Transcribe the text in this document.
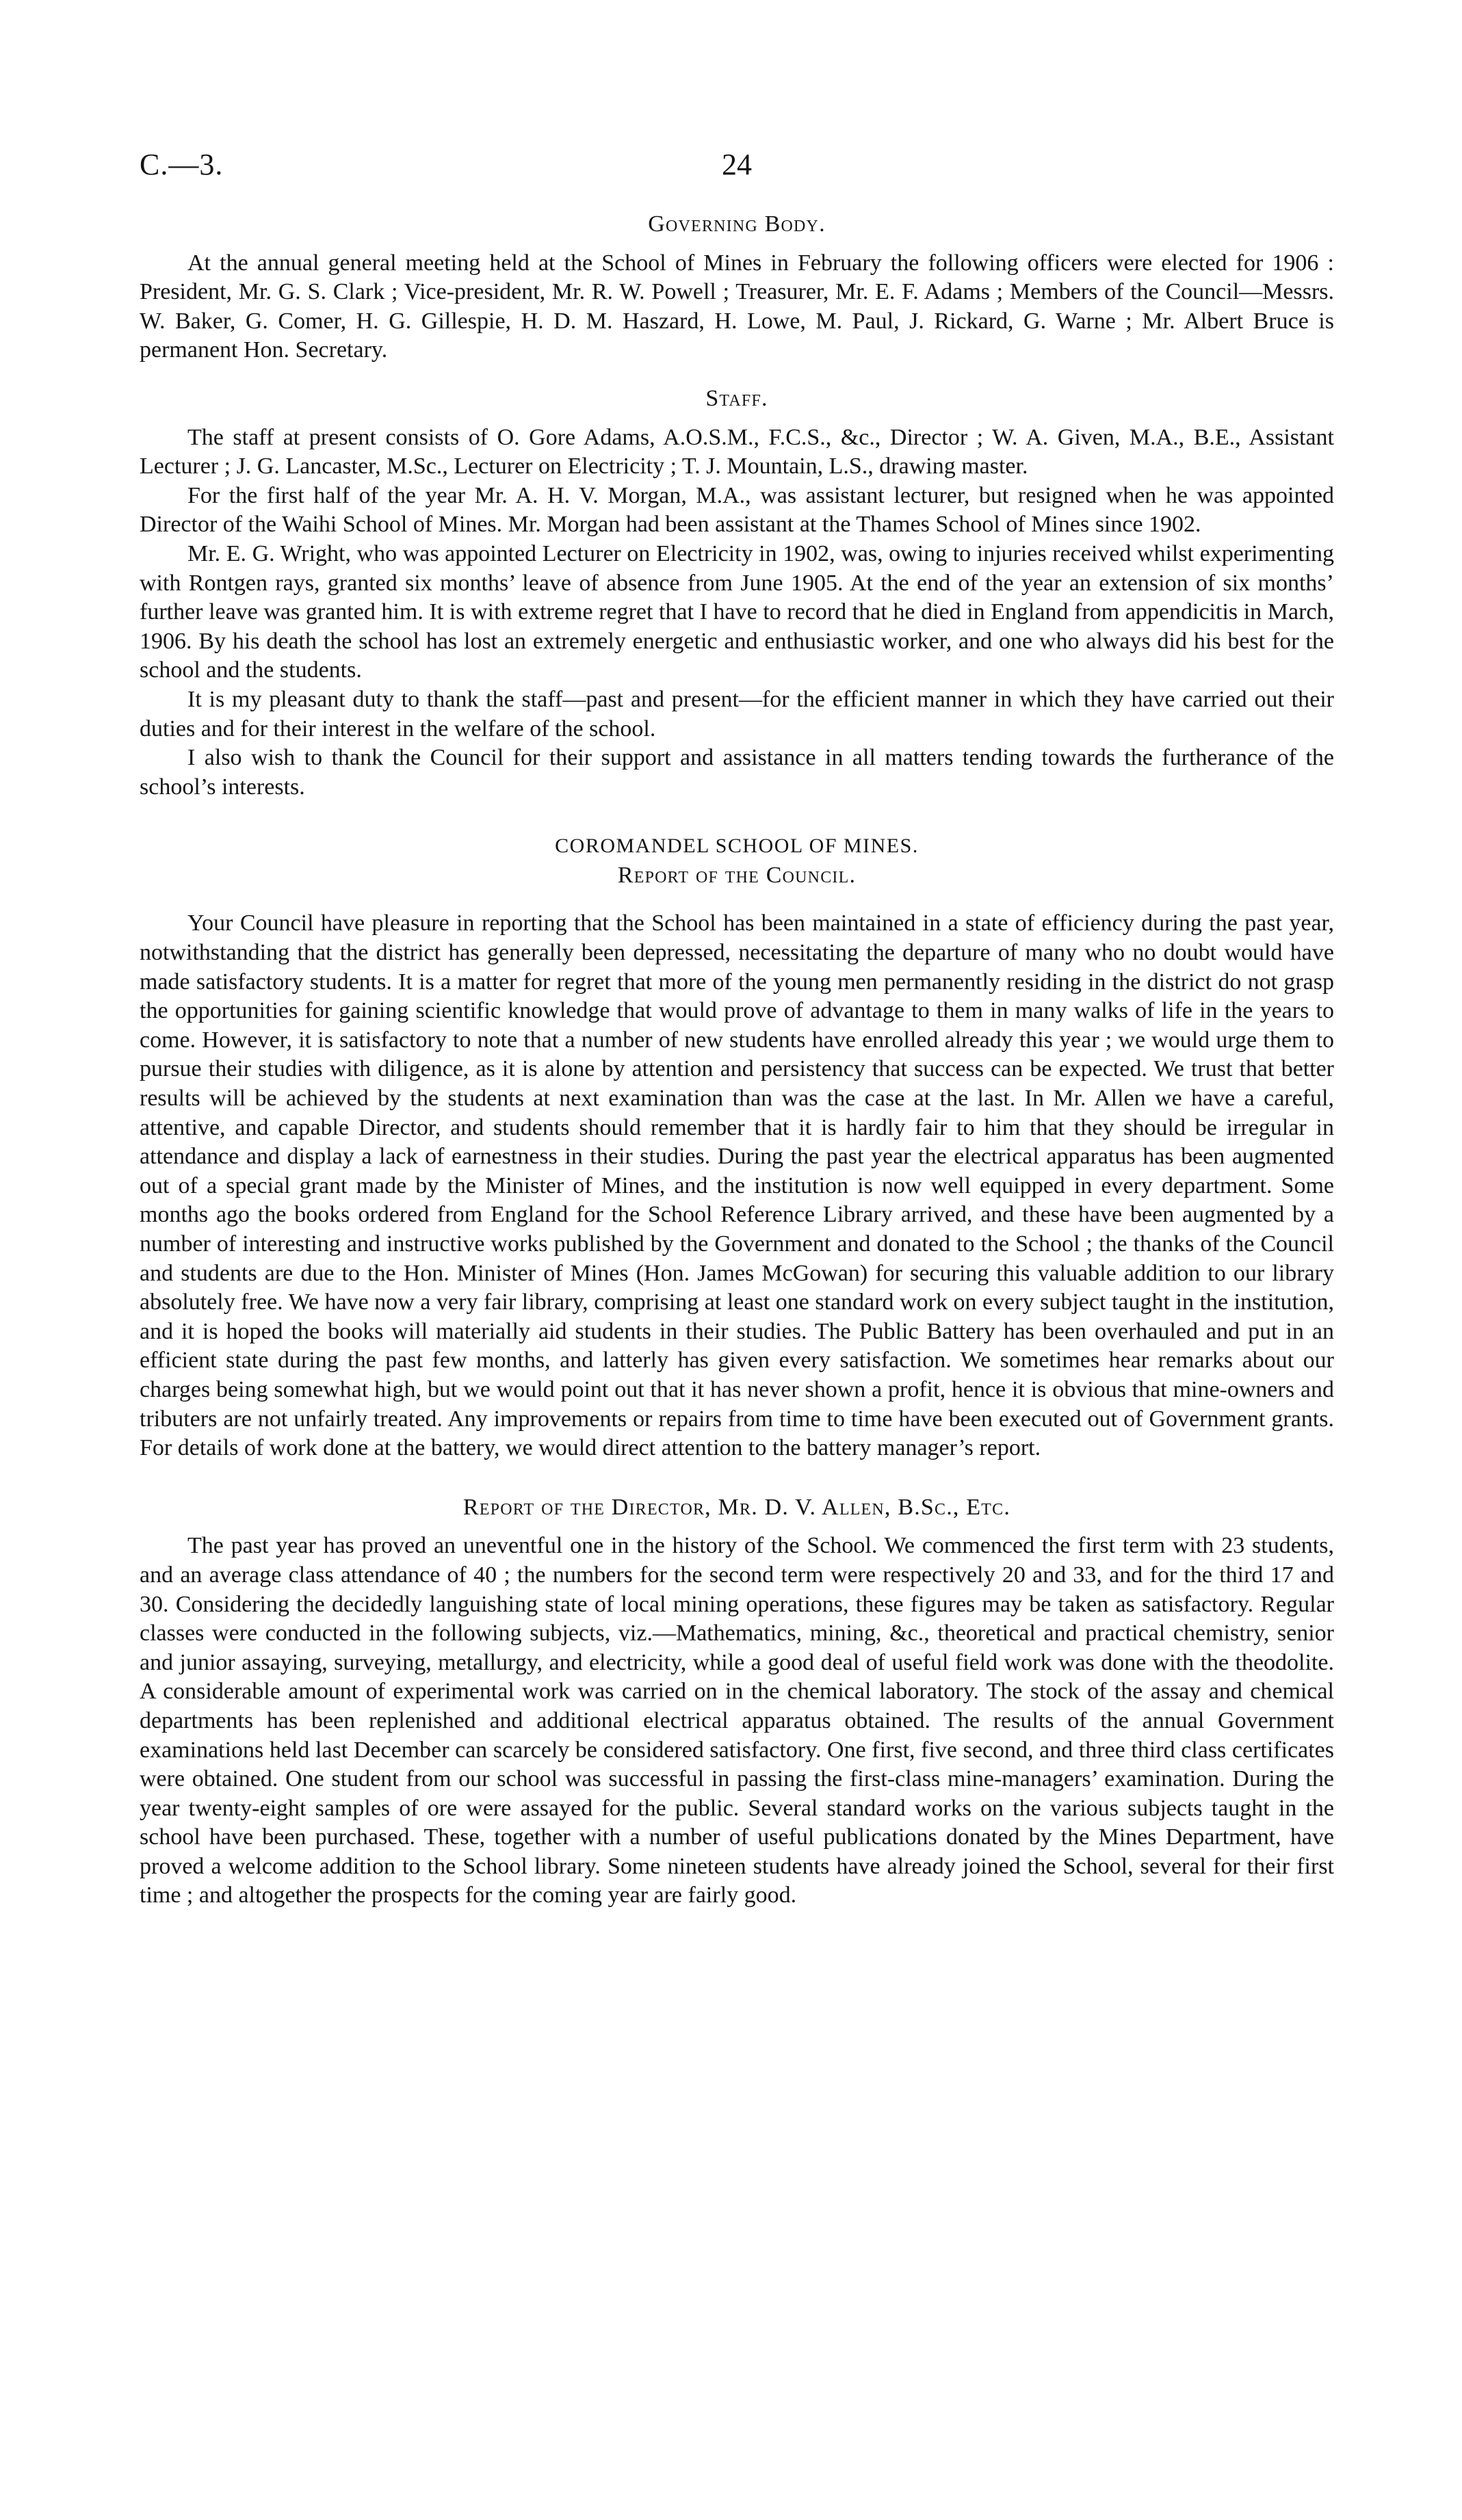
C.—3.	24
Governing Body.

At the annual general meeting held at the School of Mines in February the following officers were elected for 1906 : President, Mr. G. S. Clark ; Vice-president, Mr. R. W. Powell ; Treasurer, Mr. E. F. Adams ; Members of the Council—Messrs. W. Baker, G. Comer, H. G. Gillespie, H. D. M. Haszard, H. Lowe, M. Paul, J. Rickard, G. Warne ; Mr. Albert Bruce is permanent Hon. Secretary.

Staff.

The staff at present consists of O. Gore Adams, A.O.S.M., F.C.S., &c., Director ; W. A. Given, M.A., B.E., Assistant Lecturer ; J. G. Lancaster, M.Sc., Lecturer on Electricity ; T. J. Mountain, L.S., drawing master.

For the first half of the year Mr. A. H. V. Morgan, M.A., was assistant lecturer, but resigned when he was appointed Director of the Waihi School of Mines. Mr. Morgan had been assistant at the Thames School of Mines since 1902.

Mr. E. G. Wright, who was appointed Lecturer on Electricity in 1902, was, owing to injuries received whilst experimenting with Rontgen rays, granted six months’ leave of absence from June 1905. At the end of the year an extension of six months’ further leave was granted him. It is with extreme regret that I have to record that he died in England from appendicitis in March, 1906. By his death the school has lost an extremely energetic and enthusiastic worker, and one who always did his best for the school and the students.

It is my pleasant duty to thank the staff—past and present—for the efficient manner in which they have carried out their duties and for their interest in the welfare of the school.

I also wish to thank the Council for their support and assistance in all matters tending towards the furtherance of the school’s interests.

COROMANDEL SCHOOL OF MINES.
Report of the Council.

Your Council have pleasure in reporting that the School has been maintained in a state of efficiency during the past year, notwithstanding that the district has generally been depressed, necessitating the departure of many who no doubt would have made satisfactory students. It is a matter for regret that more of the young men permanently residing in the district do not grasp the opportunities for gaining scientific knowledge that would prove of advantage to them in many walks of life in the years to come. However, it is satisfactory to note that a number of new students have enrolled already this year ; we would urge them to pursue their studies with diligence, as it is alone by attention and persistency that success can be expected. We trust that better results will be achieved by the students at next examination than was the case at the last. In Mr. Allen we have a careful, attentive, and capable Director, and students should remember that it is hardly fair to him that they should be irregular in attendance and display a lack of earnestness in their studies. During the past year the electrical apparatus has been augmented out of a special grant made by the Minister of Mines, and the institution is now well equipped in every department. Some months ago the books ordered from England for the School Reference Library arrived, and these have been augmented by a number of interesting and instructive works published by the Government and donated to the School ; the thanks of the Council and students are due to the Hon. Minister of Mines (Hon. James McGowan) for securing this valuable addition to our library absolutely free. We have now a very fair library, comprising at least one standard work on every subject taught in the institution, and it is hoped the books will materially aid students in their studies. The Public Battery has been overhauled and put in an efficient state during the past few months, and latterly has given every satisfaction. We sometimes hear remarks about our charges being somewhat high, but we would point out that it has never shown a profit, hence it is obvious that mine-owners and tributers are not unfairly treated. Any improvements or repairs from time to time have been executed out of Government grants. For details of work done at the battery, we would direct attention to the battery manager’s report.

Report of the Director, Mr. D. V. Allen, B.Sc., Etc.

The past year has proved an uneventful one in the history of the School. We commenced the first term with 23 students, and an average class attendance of 40 ; the numbers for the second term were respectively 20 and 33, and for the third 17 and 30. Considering the decidedly languishing state of local mining operations, these figures may be taken as satisfactory. Regular classes were conducted in the following subjects, viz.—Mathematics, mining, &c., theoretical and practical chemistry, senior and junior assaying, surveying, metallurgy, and electricity, while a good deal of useful field work was done with the theodolite. A considerable amount of experimental work was carried on in the chemical laboratory. The stock of the assay and chemical departments has been replenished and additional electrical apparatus obtained. The results of the annual Government examinations held last December can scarcely be considered satisfactory. One first, five second, and three third class certificates were obtained. One student from our school was successful in passing the first-class mine-managers’ examination. During the year twenty-eight samples of ore were assayed for the public. Several standard works on the various subjects taught in the school have been purchased. These, together with a number of useful publications donated by the Mines Department, have proved a welcome addition to the School library. Some nineteen students have already joined the School, several for their first time ; and altogether the prospects for the coming year are fairly good.
